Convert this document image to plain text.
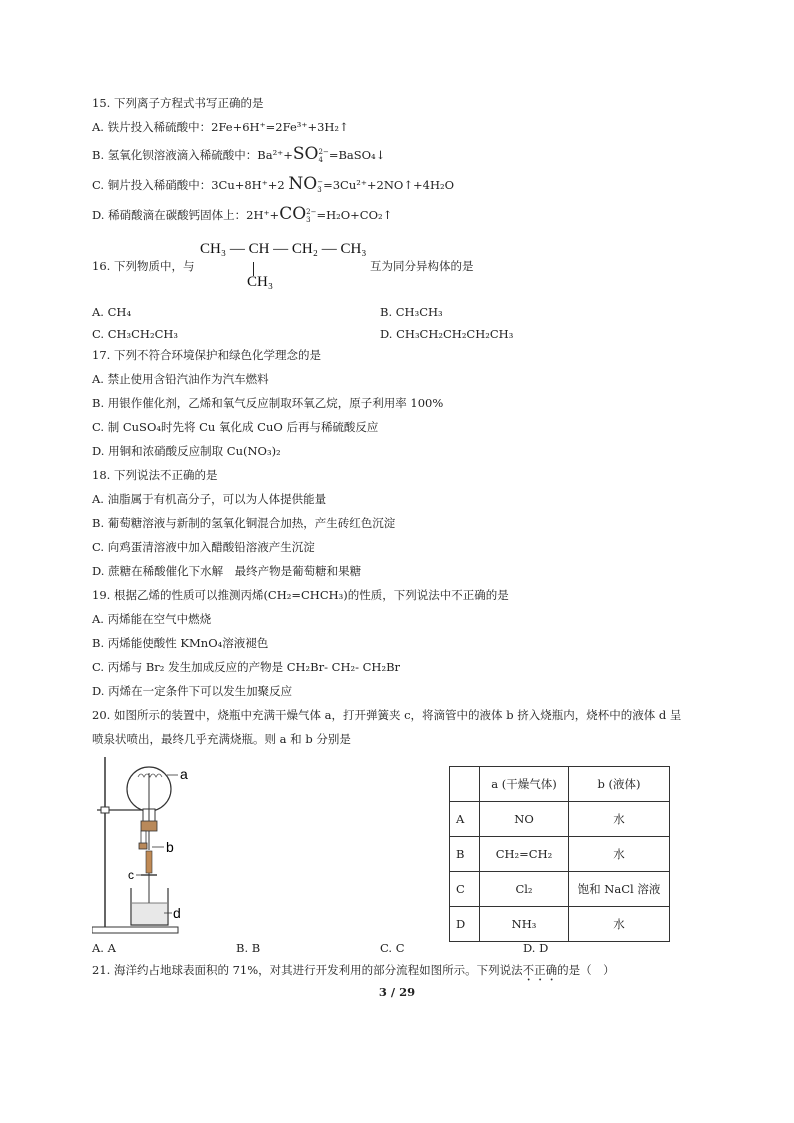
15. 下列离子方程式书写正确的是
A. 铁片投入稀硫酸中：2Fe+6H⁺=2Fe³⁺+3H₂↑
B. 氢氧化钡溶液滴入稀硫酸中：Ba²⁺+SO 2−
4 =BaSO₄↓
C. 铜片投入稀硝酸中：3Cu+8H⁺+2 NO −
3 =3Cu²⁺+2NO↑+4H₂O
D. 稀硝酸滴在碳酸钙固体上：2H⁺+CO 2−
3 =H₂O+CO₂↑
16. 下列物质中，与
CH₃ — CH — CH₂ — CH₃
CH₃
互为同分异构体的是
A. CH₄	B. CH₃CH₃
C. CH₃CH₂CH₃	D. CH₃CH₂CH₂CH₂CH₃
17. 下列不符合环境保护和绿色化学理念的是
A. 禁止使用含铅汽油作为汽车燃料
B. 用银作催化剂，乙烯和氧气反应制取环氧乙烷，原子利用率 100%
C. 制 CuSO₄时先将 Cu 氧化成 CuO 后再与稀硫酸反应
D. 用铜和浓硝酸反应制取 Cu(NO₃)₂
18. 下列说法不正确的是
A. 油脂属于有机高分子，可以为人体提供能量
B. 葡萄糖溶液与新制的氢氧化铜混合加热，产生砖红色沉淀
C. 向鸡蛋清溶液中加入醋酸铅溶液产生沉淀
D. 蔗糖在稀酸催化下水解　最终产物是葡萄糖和果糖
19. 根据乙烯的性质可以推测丙烯(CH₂=CHCH₃)的性质，下列说法中不正确的是
A. 丙烯能在空气中燃烧
B. 丙烯能使酸性 KMnO₄溶液褪色
C. 丙烯与 Br₂ 发生加成反应的产物是 CH₂Br- CH₂- CH₂Br
D. 丙烯在一定条件下可以发生加聚反应
20. 如图所示的装置中，烧瓶中充满干燥气体 a，打开弹簧夹 c，将滴管中的液体 b 挤入烧瓶内，烧杯中的液体 d 呈
喷泉状喷出，最终几乎充满烧瓶。则 a 和 b 分别是
a
b
c
d
	a (干燥气体)	b (液体)
A	NO	水
B	CH₂=CH₂	水
C	Cl₂	饱和 NaCl 溶液
D	NH₃	水
A. A	B. B	C. C	D. D
21. 海洋约占地球表面积的 71%，对其进行开发利用的部分流程如图所示。下列说法不正确的是（　）
3 / 29
